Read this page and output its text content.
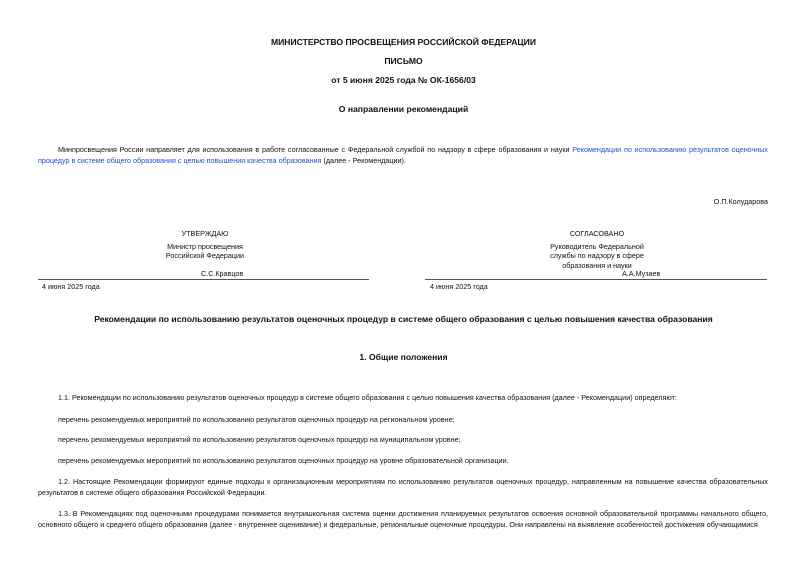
МИНИСТЕРСТВО ПРОСВЕЩЕНИЯ РОССИЙСКОЙ ФЕДЕРАЦИИ
ПИСЬМО
от 5 июня 2025 года № ОК-1656/03
О направлении рекомендаций
Минпросвещения России направляет для использования в работе согласованные с Федеральной службой по надзору в сфере образования и науки Рекомендации по использованию результатов оценочных процедур в системе общего образования с целью повышения качества образования (далее - Рекомендации).
О.П.Колударова
УТВЕРЖДАЮ
Министр просвещения
Российской Федерации
С.С.Кравцов
4 июня 2025 года
СОГЛАСОВАНО
Руководитель Федеральной
службы по надзору в сфере
образования и науки
А.А.Музаев
4 июня 2025 года
Рекомендации по использованию результатов оценочных процедур в системе общего образования с целью повышения качества образования
1. Общие положения
1.1. Рекомендации по использованию результатов оценочных процедур в системе общего образования с целью повышения качества образования (далее - Рекомендации) определяют:
перечень рекомендуемых мероприятий по использованию результатов оценочных процедур на региональном уровне;
перечень рекомендуемых мероприятий по использованию результатов оценочных процедур на муниципальном уровне;
перечень рекомендуемых мероприятий по использованию результатов оценочных процедур на уровне образовательной организации.
1.2. Настоящие Рекомендации формируют единые подходы к организационным мероприятиям по использованию результатов оценочных процедур, направленным на повышение качества образовательных результатов в системе общего образования Российской Федерации.
1.3. В Рекомендациях под оценочными процедурами понимается внутришкольная система оценки достижения планируемых результатов освоения основной образовательной программы начального общего, основного общего и среднего общего образования (далее - внутреннее оценивание) и федеральные, региональные оценочные процедуры. Они направлены на выявление особенностей достижения обучающимися
